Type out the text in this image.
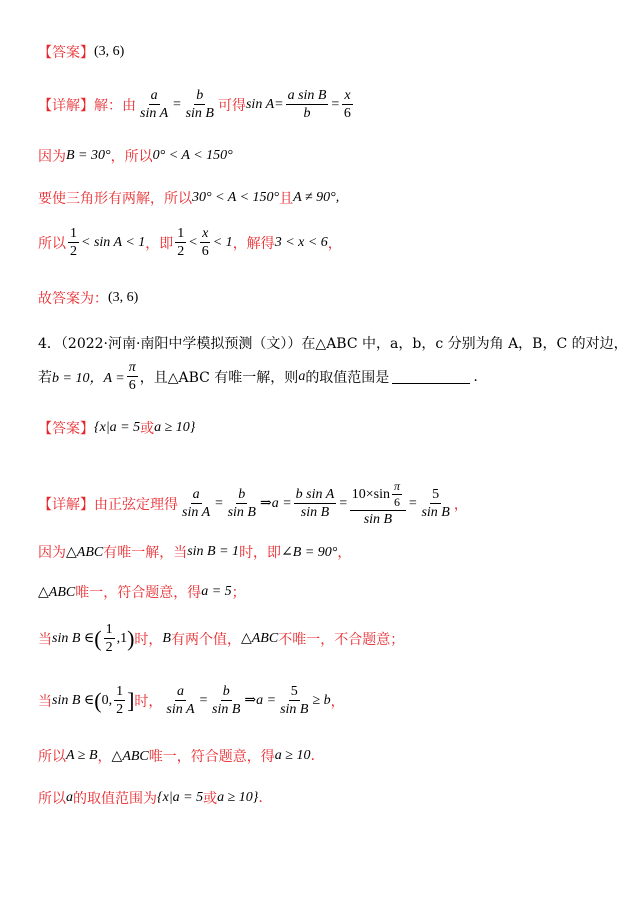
【答案】 (3, 6)
【详解】 解：由 $\frac{a}{\text{sin A}} = \frac{b}{\text{sin B}}$ 可得 $\sin A = \frac{\text{a sin B}}{b} = \frac{x}{6}$
因为 B = 30° ，所以 0° < A < 150°
要使三角形有两解，所以 30° < A < 150° 且 A ≠ 90°,
所以 $\frac{1}{2} < \sin A < 1$ ，即 $\frac{1}{2} < \frac{x}{6} < 1$ ，解得 3 < x < 6 ，
故答案为： (3, 6)
4．（2022·河南·南阳中学模拟预测（文））在△ABC 中，a，b，c 分别为角 A，B，C 的对边，
若 b = 10，$A = \frac{\pi}{6}$ ，且 △ABC 有唯一解，则 a 的取值范围是	.
【答案】 {x|a = 5 或 a ≥ 10}
【详解】 由正弦定理得 $\frac{a}{\text{sin A}} = \frac{b}{\text{sin B}}$ ⇒ $a = \frac{\text{b sin A}}{\text{sin B}} = \frac{10\times\sin \frac{\pi}{6}}{\text{sin B}} = \frac{5}{\text{sin B}}$ ，
因为 △ABC 有唯一解，当 sin B = 1 时，即 ∠B = 90° ，
△ABC 唯一，符合题意，得 a = 5 ；
当 sin B ∈ ( $\frac{1}{2} ,1$ ) 时， B 有两个值， △ABC 不唯一，不合题意；
当 sin B ∈ ( 0, $\frac{1}{2}$ ] 时， $\frac{a}{\text{sin A}} = \frac{b}{\text{sin B}}$ ⇒ $a = \frac{5}{\text{sin B}} \ge b$ ，
所以 A ≥ B ， △ABC 唯一，符合题意，得 a ≥ 10 .
所以 a 的取值范围为 {x|a = 5 或 a ≥ 10} .
